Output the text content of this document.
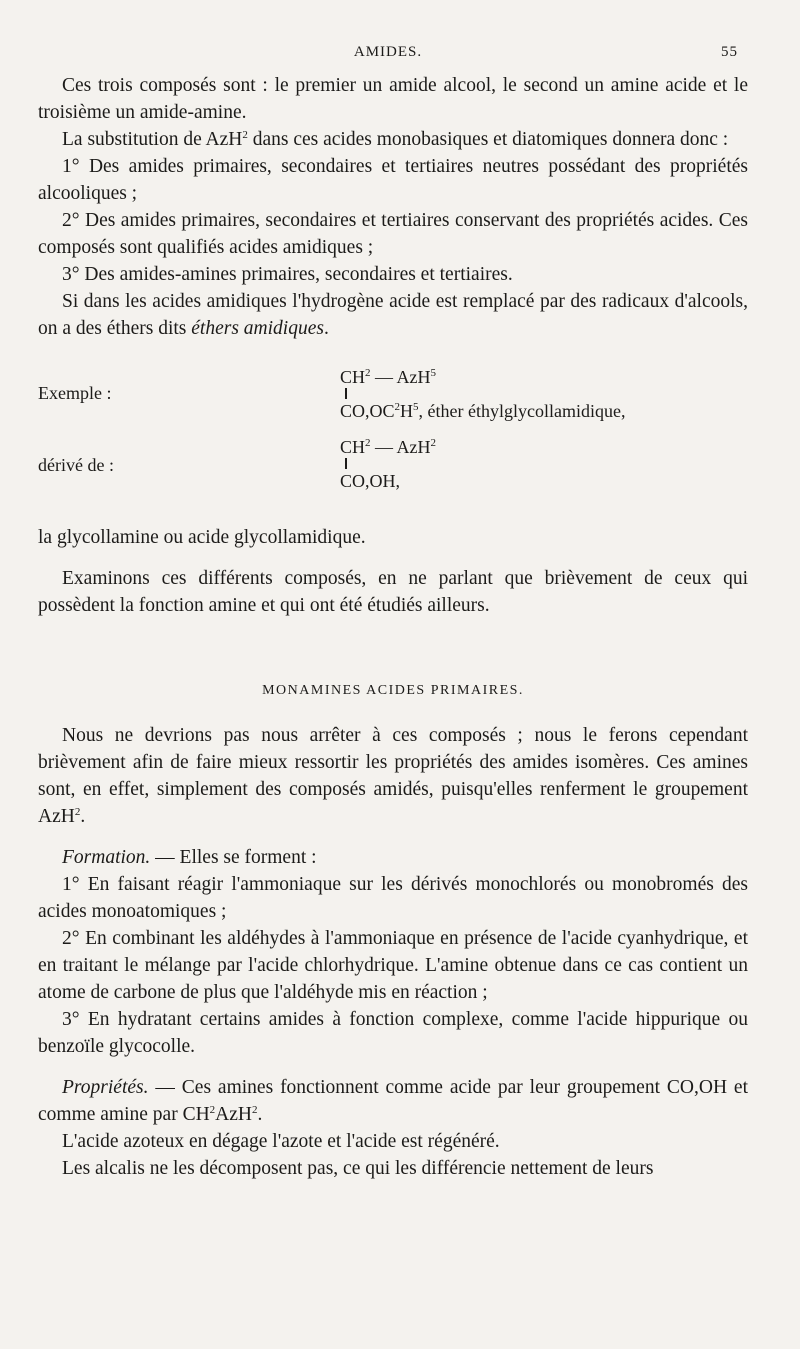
AMIDES.	55

Ces trois composés sont : le premier un amide alcool, le second un amine acide et le troisième un amide-amine.

La substitution de AzH$^2$ dans ces acides monobasiques et diatomiques donnera donc :

1° Des amides primaires, secondaires et tertiaires neutres possédant des propriétés alcooliques ;

2° Des amides primaires, secondaires et tertiaires conservant des propriétés acides. Ces composés sont qualifiés acides amidiques ;

3° Des amides-amines primaires, secondaires et tertiaires.

Si dans les acides amidiques l'hydrogène acide est remplacé par des radicaux d'alcools, on a des éthers dits éthers amidiques.

Exemple :
$CH^2$ — AzH$^5$
$CO,OC^2H^5$, éther éthylglycollamidique,
dérivé de :
$CH^2$ — AzH$^2$
CO,OH,

la glycollamine ou acide glycollamidique.

Examinons ces différents composés, en ne parlant que brièvement de ceux qui possèdent la fonction amine et qui ont été étudiés ailleurs.

MONAMINES ACIDES PRIMAIRES.

Nous ne devrions pas nous arrêter à ces composés ; nous le ferons cependant brièvement afin de faire mieux ressortir les propriétés des amides isomères. Ces amines sont, en effet, simplement des composés amidés, puisqu'elles renferment le groupement AzH$^2$.

Formation. — Elles se forment :

1° En faisant réagir l'ammoniaque sur les dérivés monochlorés ou monobromés des acides monoatomiques ;

2° En combinant les aldéhydes à l'ammoniaque en présence de l'acide cyanhydrique, et en traitant le mélange par l'acide chlorhydrique. L'amine obtenue dans ce cas contient un atome de carbone de plus que l'aldéhyde mis en réaction ;

3° En hydratant certains amides à fonction complexe, comme l'acide hippurique ou benzoïle glycocolle.

Propriétés. — Ces amines fonctionnent comme acide par leur groupement CO,OH et comme amine par $CH^2AzH^2$.

L'acide azoteux en dégage l'azote et l'acide est régénéré.

Les alcalis ne les décomposent pas, ce qui les différencie nettement de leurs
